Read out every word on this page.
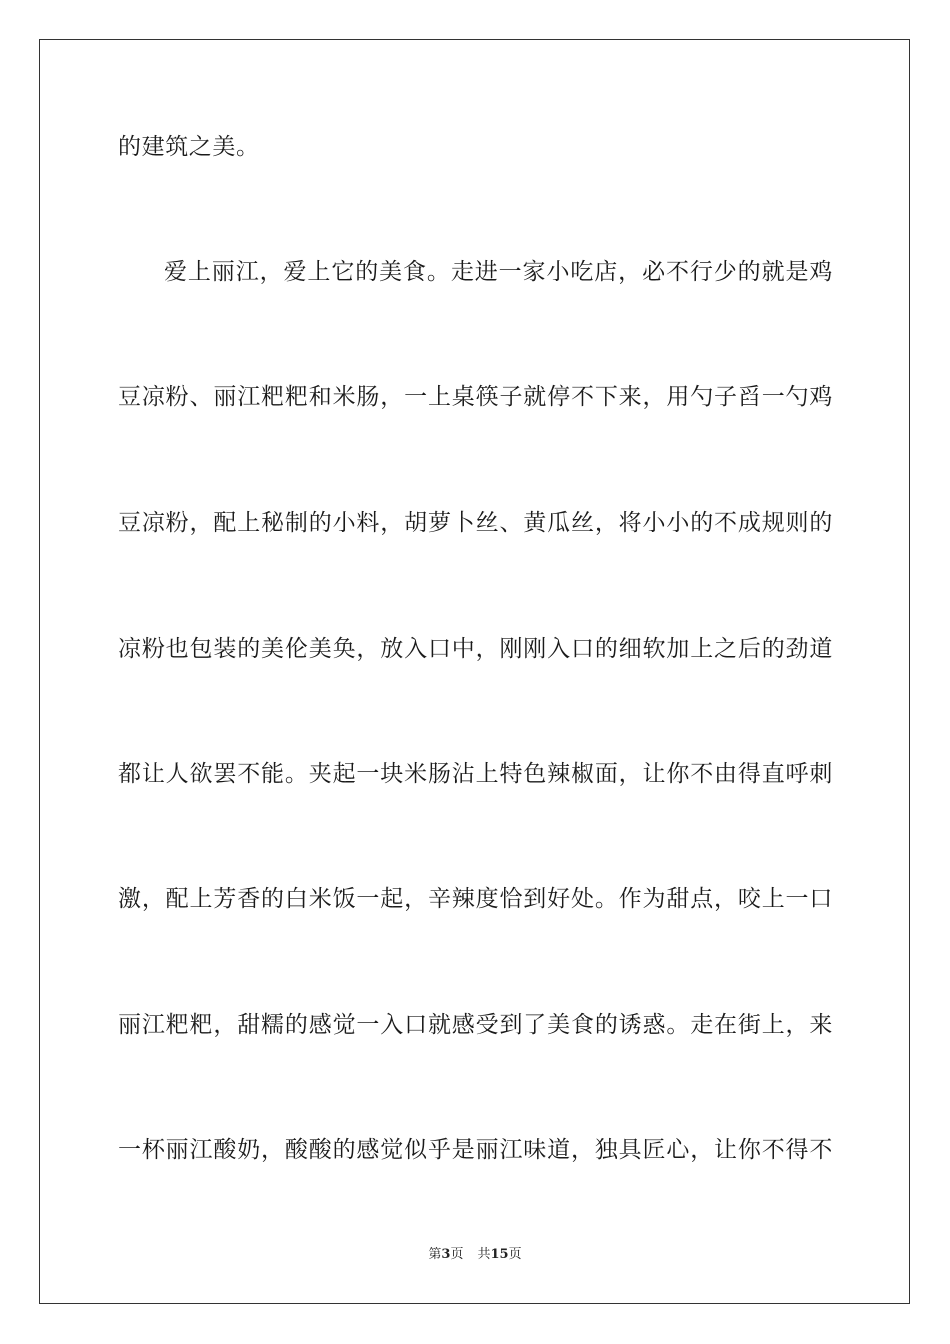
的建筑之美。
爱上丽江，爱上它的美食。走进一家小吃店，必不行少的就是鸡
豆凉粉、丽江粑粑和米肠，一上桌筷子就停不下来，用勺子舀一勺鸡
豆凉粉，配上秘制的小料，胡萝卜丝、黄瓜丝，将小小的不成规则的
凉粉也包装的美伦美奂，放入口中，刚刚入口的细软加上之后的劲道
都让人欲罢不能。夹起一块米肠沾上特色辣椒面，让你不由得直呼刺
激，配上芳香的白米饭一起，辛辣度恰到好处。作为甜点，咬上一口
丽江粑粑，甜糯的感觉一入口就感受到了美食的诱惑。走在街上，来
一杯丽江酸奶，酸酸的感觉似乎是丽江味道，独具匠心，让你不得不
第3页 共15页
